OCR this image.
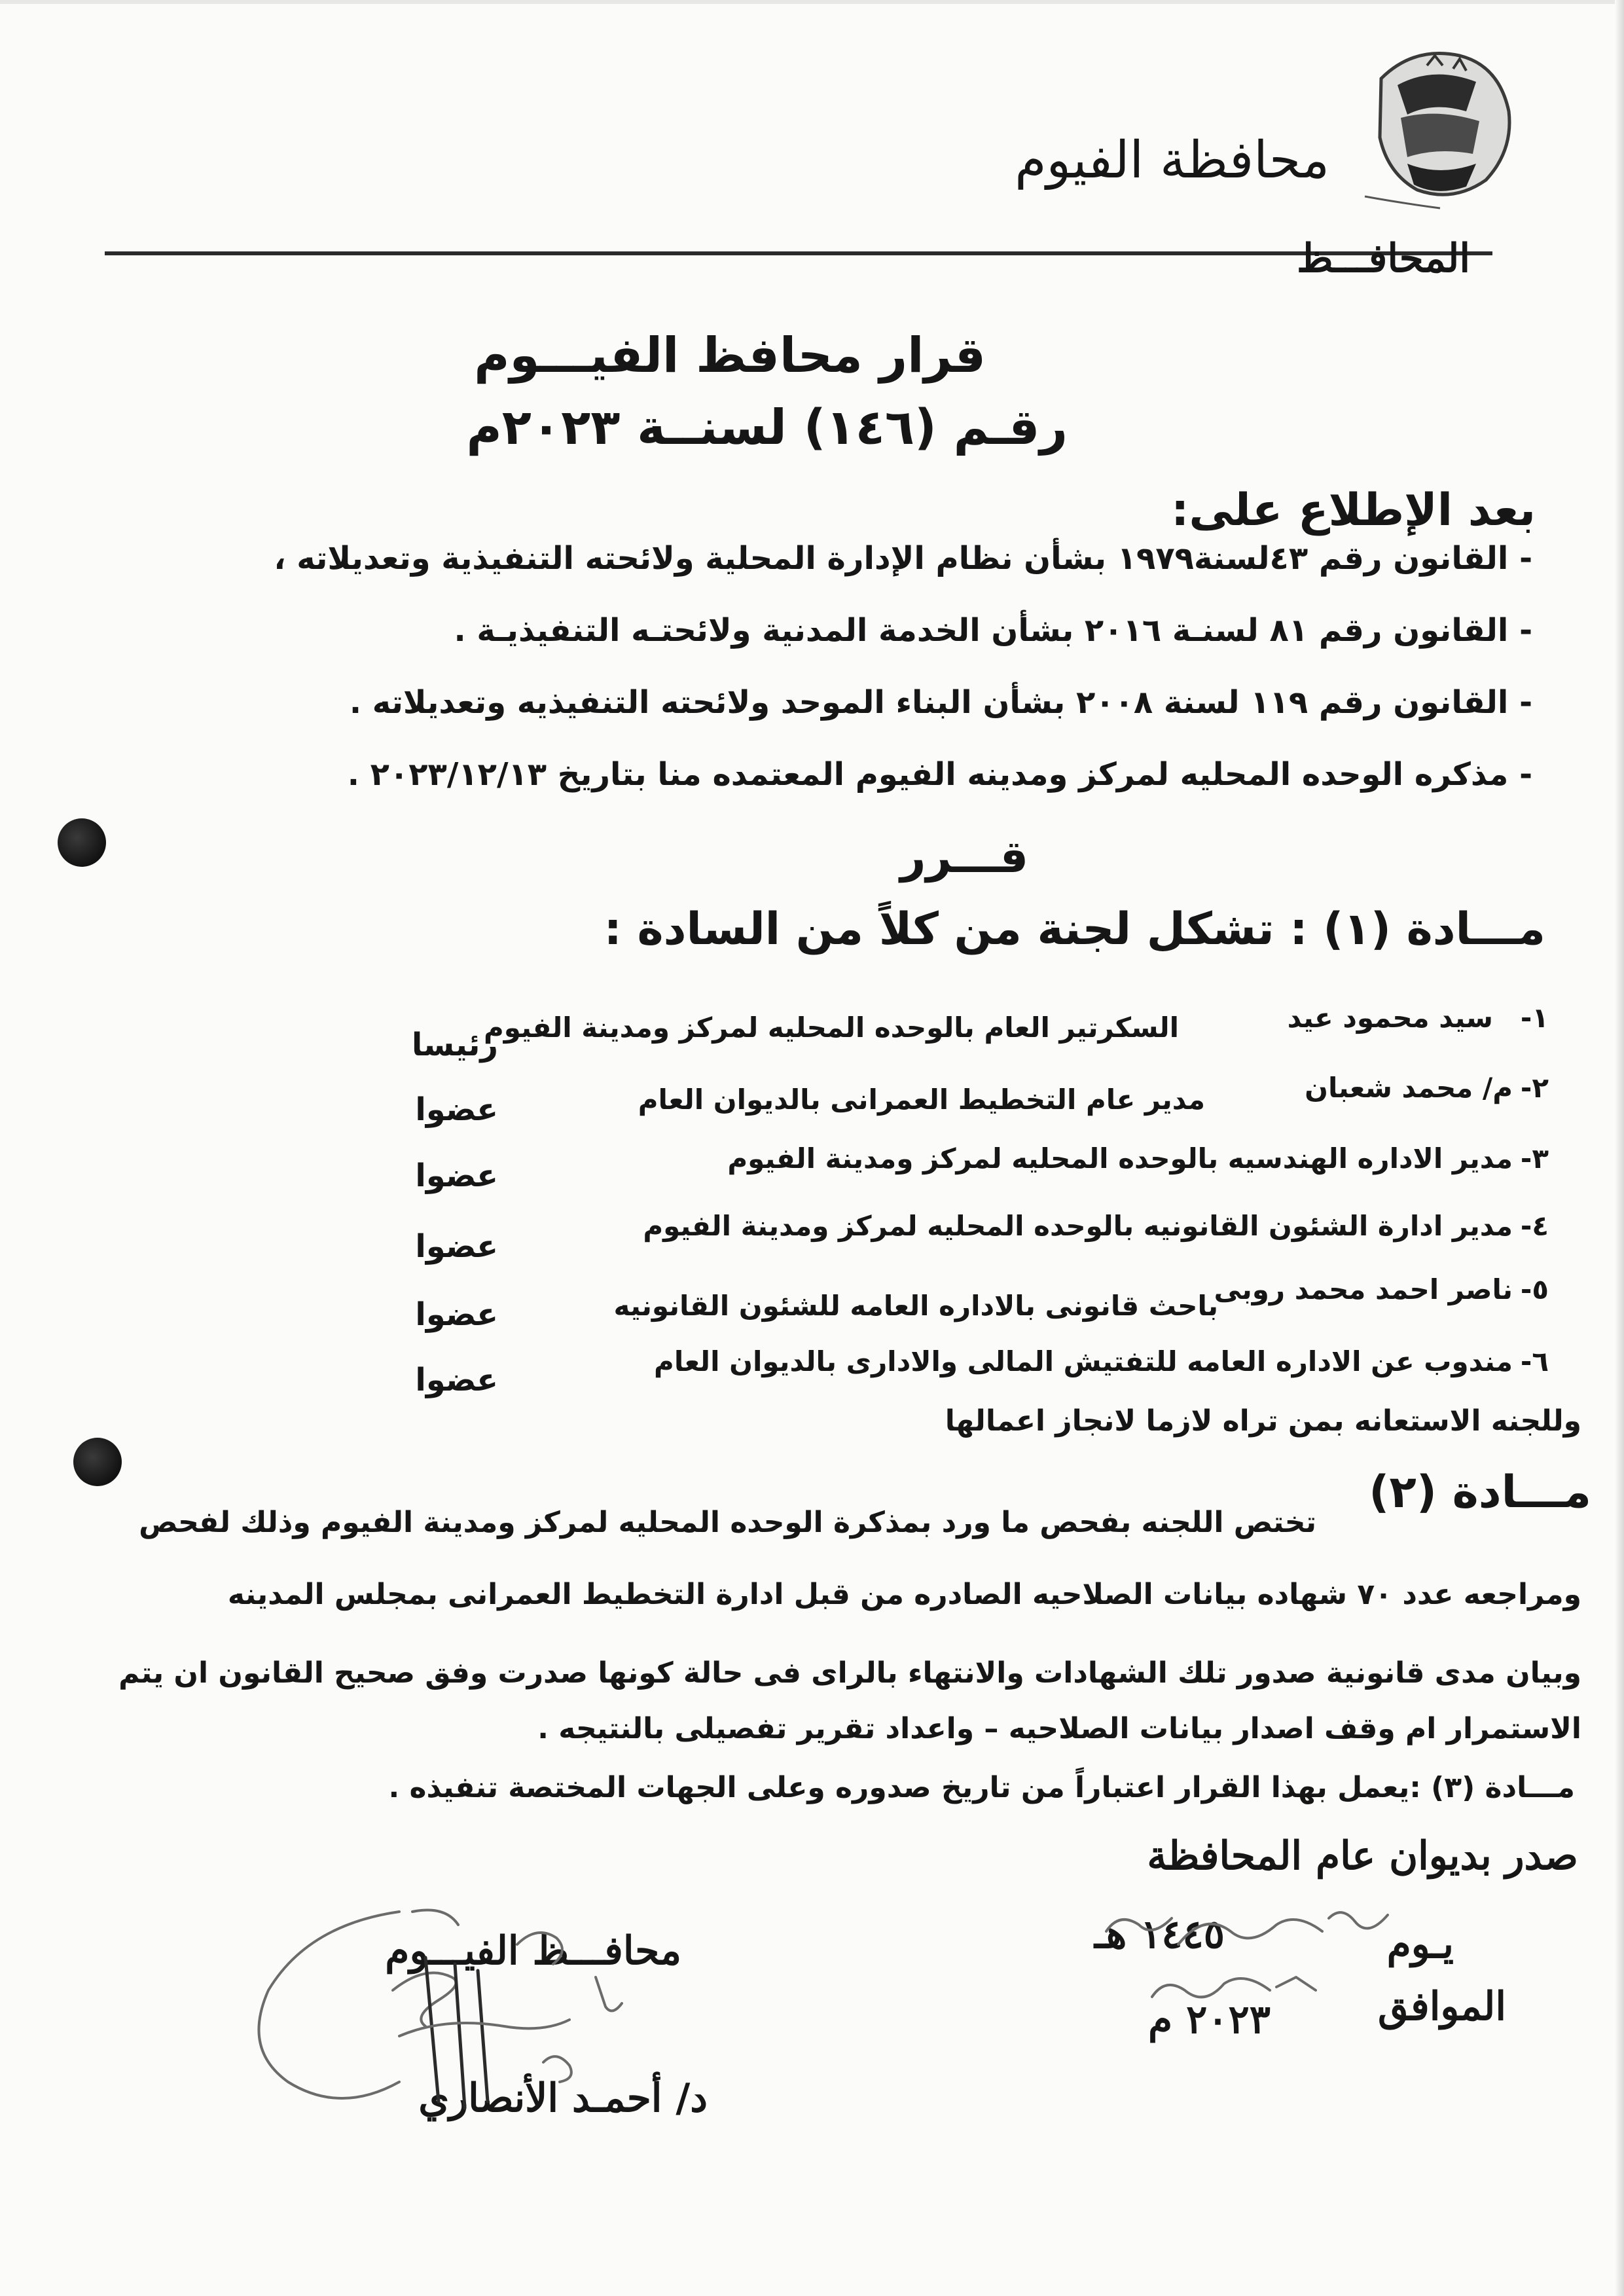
محافظة الفيوم
المحافـــظ
قرار محافظ الفيـــوم
رقـم (١٤٦) لسنــة ٢٠٢٣م
بعد الإطلاع على:
- القانون رقم ٤٣لسنة١٩٧٩ بشأن نظام الإدارة المحلية ولائحته التنفيذية وتعديلاته ،
- القانون رقم ٨١ لسنـة ٢٠١٦ بشأن الخدمة المدنية ولائحتـه التنفيذيـة .
- القانون رقم ١١٩ لسنة ٢٠٠٨ بشأن البناء الموحد ولائحته التنفيذيه وتعديلاته .
- مذكره الوحده المحليه لمركز ومدينه الفيوم المعتمده منا بتاريخ ٢٠٢٣/١٢/١٣ .
قـــرر
مـــادة (١) : تشكل لجنة من كلاً من السادة :
١-
سيد محمود عيد
السكرتير العام بالوحده المحليه لمركز ومدينة الفيوم
رئيسا
٢-
م/ محمد شعبان
مدير عام التخطيط العمرانى بالديوان العام
عضوا
٣-
مدير الاداره الهندسيه بالوحده المحليه لمركز ومدينة الفيوم
عضوا
٤-
مدير ادارة الشئون القانونيه بالوحده المحليه لمركز ومدينة الفيوم
عضوا
٥-
ناصر احمد محمد روبى
باحث قانونى بالاداره العامه للشئون القانونيه
عضوا
٦-
مندوب عن الاداره العامه للتفتيش المالى والادارى بالديوان العام
عضوا
وللجنه الاستعانه بمن تراه لازما لانجاز اعمالها
مـــادة (٢)
تختص اللجنه بفحص ما ورد بمذكرة الوحده المحليه لمركز ومدينة الفيوم وذلك لفحص
ومراجعه عدد ٧٠ شهاده بيانات الصلاحيه الصادره من قبل ادارة التخطيط العمرانى بمجلس المدينه
وبيان مدى قانونية صدور تلك الشهادات والانتهاء بالراى فى حالة كونها صدرت وفق صحيح القانون ان يتم
الاستمرار ام وقف اصدار بيانات الصلاحيه – واعداد تقرير تفصيلى بالنتيجه .
مـــادة (٣) :يعمل بهذا القرار اعتباراً من تاريخ صدوره وعلى الجهات المختصة تنفيذه .
صدر بديوان عام المحافظة
يـوم
١٤٤٥ هـ
الموافق
٢٠٢٣ م
محافـــظ الفيـــوم
د/ أحمـد الأنصاري
